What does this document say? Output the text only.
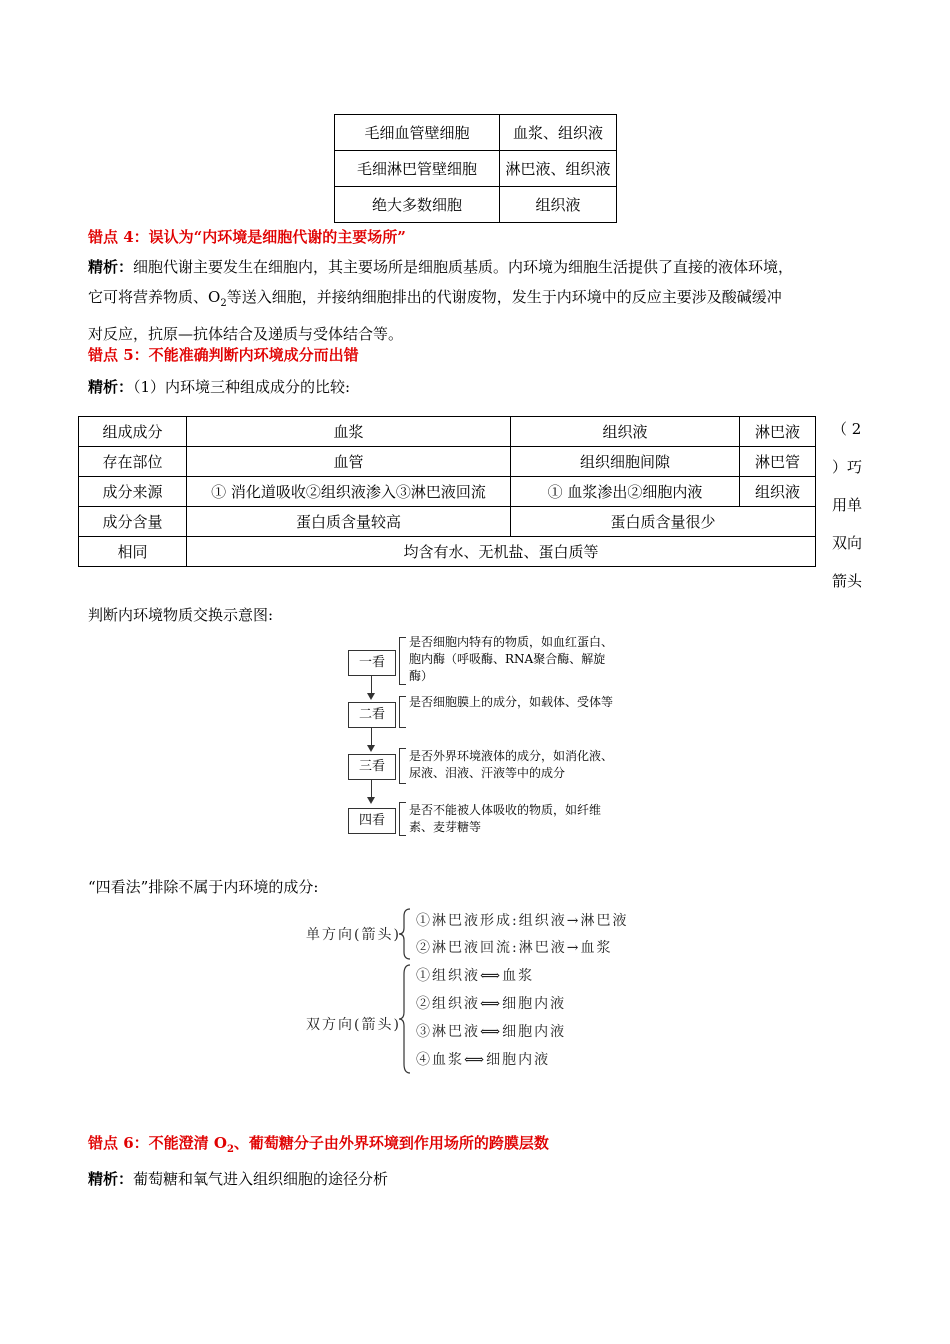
毛细血管壁细胞	血浆、组织液
毛细淋巴管壁细胞	淋巴液、组织液
绝大多数细胞	组织液
错点 4：误认为“内环境是细胞代谢的主要场所”
精析：细胞代谢主要发生在细胞内，其主要场所是细胞质基质。内环境为细胞生活提供了直接的液体环境，
它可将营养物质、$O_2$等送入细胞，并接纳细胞排出的代谢废物，发生于内环境中的反应主要涉及酸碱缓冲
对反应，抗原—抗体结合及递质与受体结合等。
错点 5：不能准确判断内环境成分而出错
精析：（1）内环境三种组成成分的比较:
组成成分	血浆	组织液	淋巴液
存在部位	血管	组织细胞间隙	淋巴管
成分来源	① 消化道吸收②组织液渗入③淋巴液回流	① 血浆渗出②细胞内液	组织液
成分含量	蛋白质含量较高	蛋白质含量很少	
相同	均含有水、无机盐、蛋白质等		
（ 2
）巧
用单
双向
箭头
判断内环境物质交换示意图:
一看
是否细胞内特有的物质，如血红蛋白、胞内酶（呼吸酶、RNA聚合酶、解旋酶）
二看
是否细胞膜上的成分，如载体、受体等
三看
是否外界环境液体的成分，如消化液、尿液、泪液、汗液等中的成分
四看
是否不能被人体吸收的物质，如纤维素、麦芽糖等
“四看法”排除不属于内环境的成分:
单方向(箭头)
①淋巴液形成:组织液→淋巴液
②淋巴液回流:淋巴液→血浆
双方向(箭头)
①组织液⟺血浆
②组织液⟺细胞内液
③淋巴液⟺细胞内液
④血浆⟺细胞内液
错点 6：不能澄清 $O_2$、葡萄糖分子由外界环境到作用场所的跨膜层数
精析：葡萄糖和氧气进入组织细胞的途径分析
